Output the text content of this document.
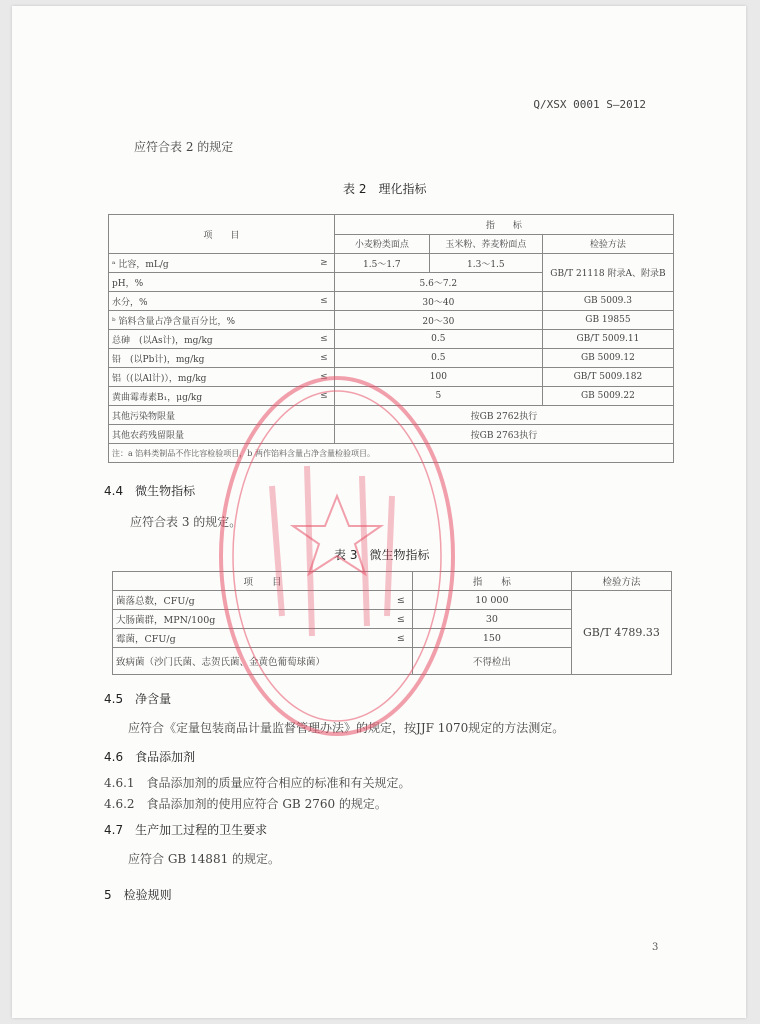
Q/XSX 0001 S—2012
应符合表 2 的规定
表 2　理化指标
项　　目		指　　标		
		小麦粉类面点	玉米粉、荞麦粉面点	检验方法
ᵃ 比容，mL/g	≥	1.5～1.7	1.3～1.5	GB/T 21118 附录A、附录B
pH，%		5.6～7.2		
水分，%	≤	30～40		GB 5009.3
ᵇ 馅料含量占净含量百分比，%		20～30		GB 19855
总砷　(以As计)，mg/kg	≤	0.5		GB/T 5009.11
铅　(以Pb计)，mg/kg	≤	0.5		GB 5009.12
铝（(以Al计)），mg/kg	≤	100		GB/T 5009.182
黄曲霉毒素B₁，μg/kg	≤	5		GB 5009.22
其他污染物限量		按GB 2762执行		
其他农药残留限量		按GB 2763执行		
注：a 馅料类制品不作比容检验项目，b 两作馅料含量占净含量检验项目。				
4.4　微生物指标
应符合表 3 的规定。
表 3　微生物指标
项　　目		指　　标	检验方法
菌落总数，CFU/g	≤	10 000	GB/T 4789.33
大肠菌群，MPN/100g	≤	30	
霉菌，CFU/g	≤	150	
致病菌（沙门氏菌、志贺氏菌、金黄色葡萄球菌）		不得检出	
4.5　净含量
应符合《定量包装商品计量监督管理办法》的规定，按JJF 1070规定的方法测定。
4.6　食品添加剂
4.6.1　食品添加剂的质量应符合相应的标准和有关规定。
4.6.2　食品添加剂的使用应符合 GB 2760 的规定。
4.7　生产加工过程的卫生要求
应符合 GB 14881 的规定。
5　检验规则
3
